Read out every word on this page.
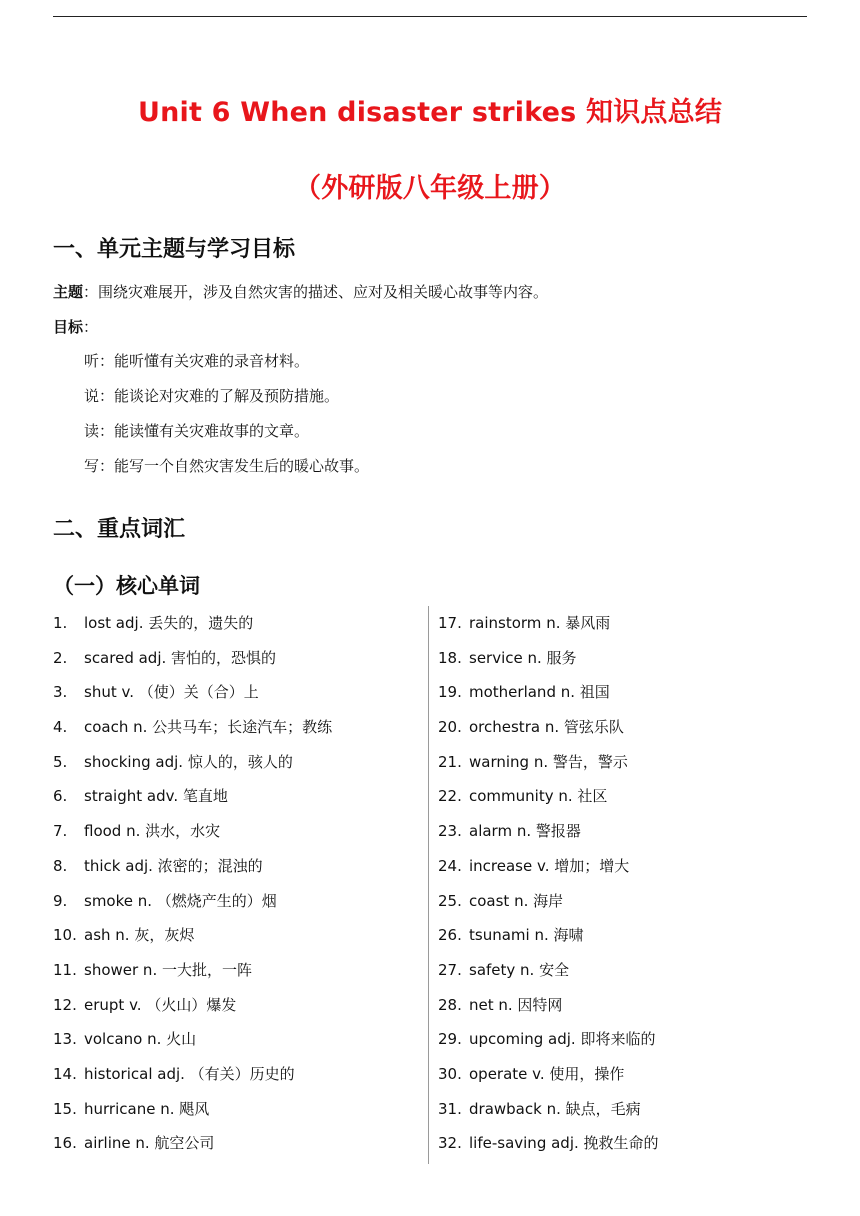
Unit 6 When disaster strikes 知识点总结
（外研版八年级上册）
一、单元主题与学习目标
主题：围绕灾难展开，涉及自然灾害的描述、应对及相关暖心故事等内容。
目标：
听：能听懂有关灾难的录音材料。
说：能谈论对灾难的了解及预防措施。
读：能读懂有关灾难故事的文章。
写：能写一个自然灾害发生后的暖心故事。
二、重点词汇
（一）核心单词
1. lost adj. 丢失的，遗失的
2. scared adj. 害怕的，恐惧的
3. shut v. （使）关（合）上
4. coach n. 公共马车；长途汽车；教练
5. shocking adj. 惊人的，骇人的
6. straight adv. 笔直地
7. flood n. 洪水，水灾
8. thick adj. 浓密的；混浊的
9. smoke n. （燃烧产生的）烟
10. ash n. 灰，灰烬
11. shower n. 一大批，一阵
12. erupt v. （火山）爆发
13. volcano n. 火山
14. historical adj. （有关）历史的
15. hurricane n. 飓风
16. airline n. 航空公司
17. rainstorm n. 暴风雨
18. service n. 服务
19. motherland n. 祖国
20. orchestra n. 管弦乐队
21. warning n. 警告，警示
22. community n. 社区
23. alarm n. 警报器
24. increase v. 增加；增大
25. coast n. 海岸
26. tsunami n. 海啸
27. safety n. 安全
28. net n. 因特网
29. upcoming adj. 即将来临的
30. operate v. 使用，操作
31. drawback n. 缺点，毛病
32. life-saving adj. 挽救生命的
